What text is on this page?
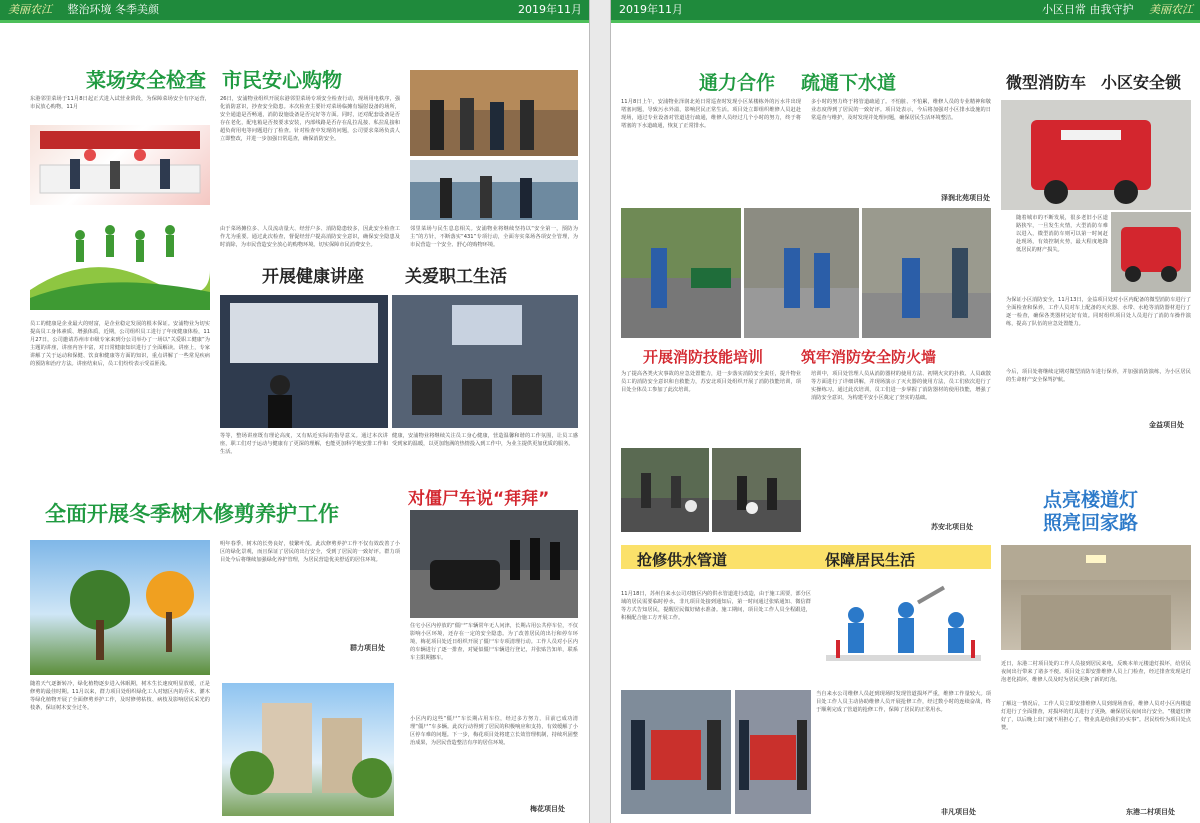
美丽农江 整治环境 冬季美颜	2019年11月
菜场安全检查 市民安心购物
东港邻里菜场于11月8日起正式进入试营业阶段，为保障菜场安全有序运营，市民放心购物，11月
26日，安浦物业组织开展东港邻里菜场专项安全检查行动，现场用电秩序，强化消防意识，抄查安全隐患。本次检查主要针对菜场临摊有辐射设备的场所，安全通道是否畅通，消防设施设备是否完好等方面。同时，还对配套设备是否存在老化，配电箱是否按要求安装，内部线路是否存在乱拉乱接、私拉乱接和超负荷用电等问题进行了检查。针对检查中发现的问题，公司要求菜场负责人立即整改，并进一步加强日常巡查，确保消防安全。
由于菜场摊位多、人员流动量大、经营户多、消防隐患较多，因此安全检查工作尤为重要。通过此次检查，督促经营户提高消防安全意识，确保安全隐患及时消除，为市民营造安全放心的购物环境。切实保障市民消费安全。
邻里菜场与民生息息相关。安浦物业将继续坚持以“安全第一，预防为主”的方针，不断落实“431”专项行动，全面夯实菜场各项安全管理，为市民营造一个安全、舒心的购物环境。
开展健康讲座 关爱职工生活
员工的健康是企业最大的财富，是企业稳定发展的根本保证。安浦物业为切实提高员工身体素质、增强体质，近期，公司组织员工进行了年度健康体检，11月27日，公司邀请苏州市市级专家来到分公司举办了一场以“关爱职工健康”为主题的讲座，讲座内容丰富，对日常健康知识进行了全面解读。讲座上，专家讲解了关于运动和保健、饮食和健康等方面的知识，重点讲解了一些常见疾病的预防和治疗方法。讲座结束后，员工们纷纷表示受益匪浅。
等等，整场讲座既有理论高度，又有贴近实际的指导意义。通过本次讲座，职工们对于运动与健康有了更深的理解，也能更加科学地安排工作和生活。
健康，安浦物业将继续关注员工身心健康，营造温馨和谐的工作氛围，让员工感受到家的温暖，以更加饱满的热情投入到工作中，为业主提供更加优质的服务。
全面开展冬季树木修剪养护工作
随着天气逐渐转冷，绿化植物逐步进入休眠期，树木生长速度明显放缓，正是修剪的最佳时期。11月以来，群力项目处组织绿化工人对辖区内的乔木、灌木等绿化植物开展了全面修剪养护工作，及时修剪枯枝、病枝及影响居民采光的枝条，保证树木安全过冬。
明年春季，树木的长势良好，枝繁叶茂。此次修剪养护工作不仅有效改善了小区的绿化景观，而且保证了居民的出行安全，受到了居民的一致好评。群力项目处今后将继续加强绿化养护管理，为居民营造优美舒适的居住环境。
群力项目处
对僵尸车说“拜拜”
住宅小区内停放的“僵尸”车辆常年无人问津，长期占用公共停车位，不仅影响小区环境，还存在一定的安全隐患。为了改善居民的出行和停车环境，梅花项目处近日组织开展了僵尸车专项清理行动。工作人员对小区内的车辆进行了逐一排查，对疑似僵尸车辆进行登记，并张贴告知单，联系车主限期挪车。
小区内的这些“僵尸”车长期占用车位，经过多方努力，目前已成功清理“僵尸”车多辆。此次行动得到了居民的积极响应和支持，有效缓解了小区停车难的问题。下一步，梅花项目处将建立长效管理机制，持续巩固整治成果，为居民营造整洁有序的居住环境。
梅花项目处
2019年11月	小区日常 由我守护 美丽农江
通力合作 疏通下水道
11月8日上午，安浦物业泽润北苑日常巡查时发现小区某楼栋外的污水井出现堵塞问题，导致污水外溢，影响居民正常生活。项目处立即组织维修人员赶赴现场，通过专业设备对管道进行疏通，维修人员经过几个小时的努力，终于将堵塞的下水道疏通，恢复了正常排水。
多小时的努力终于将管道疏通了。不怕脏、不怕累，维修人员的专业精神和敬业态度得到了居民的一致好评。项目处表示，今后将加强对小区排水设施的日常巡查与维护，及时发现并处理问题，确保居民生活环境整洁。
泽润北苑项目处
微型消防车 小区安全锁
随着城市的不断发展，很多老旧小区道路狭窄，一旦发生火情，大型消防车难以进入，微型消防车则可以第一时间赶赴现场，有效控制火势，最大程度地降低居民的财产损失。
为保证小区消防安全，11月13日，金益项目处对小区内配备的微型消防车进行了全面检查和保养，工作人员对车上配备的灭火器、水带、水枪等消防器材进行了逐一检查，确保各类器材完好有效。同时组织项目处人员进行了消防车操作演练，提高了队伍的应急处置能力。
今后，项目处将继续定期对微型消防车进行保养，并加强消防演练，为小区居民的生命财产安全保驾护航。
金益项目处
开展消防技能培训	筑牢消防安全防火墙
为了提高各类火灾事故的应急处置能力，进一步落实消防安全责任，提升物业员工的消防安全意识和自救能力，苏安北项目处组织开展了消防技能培训，项目处全体员工参加了此次培训。
培训中，项目处管理人员从消防器材的使用方法、初期火灾的扑救、人员疏散等方面进行了详细讲解，并现场演示了灭火器的使用方法，员工们依次进行了实操练习。通过此次培训，员工们进一步掌握了消防器材的使用技能，增强了消防安全意识，为构建平安小区奠定了坚实的基础。
苏安北项目处
点亮楼道灯
照亮回家路
抢修供水管道	保障居民生活
11月18日，苏州自来水公司对辖区内的供水管道进行改造，由于施工需要，部分区域的居民需要临时停水，非凡项目处接到通知后，第一时间通过张贴通知、微信群等方式告知居民，提醒居民做好储水准备。施工期间，项目处工作人员全程跟进，积极配合施工方开展工作。
当自来水公司维修人员赶到现场时发现管道损坏严重，维修工作量较大。项目处工作人员主动协助维修人员开展抢修工作，经过数小时的连续奋战，终于顺利完成了管道的抢修工作，保障了居民的正常用水。
非凡项目处
近日，东港二村项目处的工作人员接到居民来电，反映本单元楼道灯损坏，给居民夜间出行带来了诸多不便。项目处立即安排维修人员上门检查，经过排查发现是灯泡老化损坏，维修人员及时为居民更换了新的灯泡。
了解这一情况后，工作人员立即安排维修人员到现场查看，维修人员对小区内楼道灯进行了全面排查，对损坏的灯具进行了更换，确保居民夜间出行安全。“楼道灯修好了，以后晚上出门就不用担心了，物业真是给我们办实事”。居民纷纷为项目处点赞。
东港二村项目处
